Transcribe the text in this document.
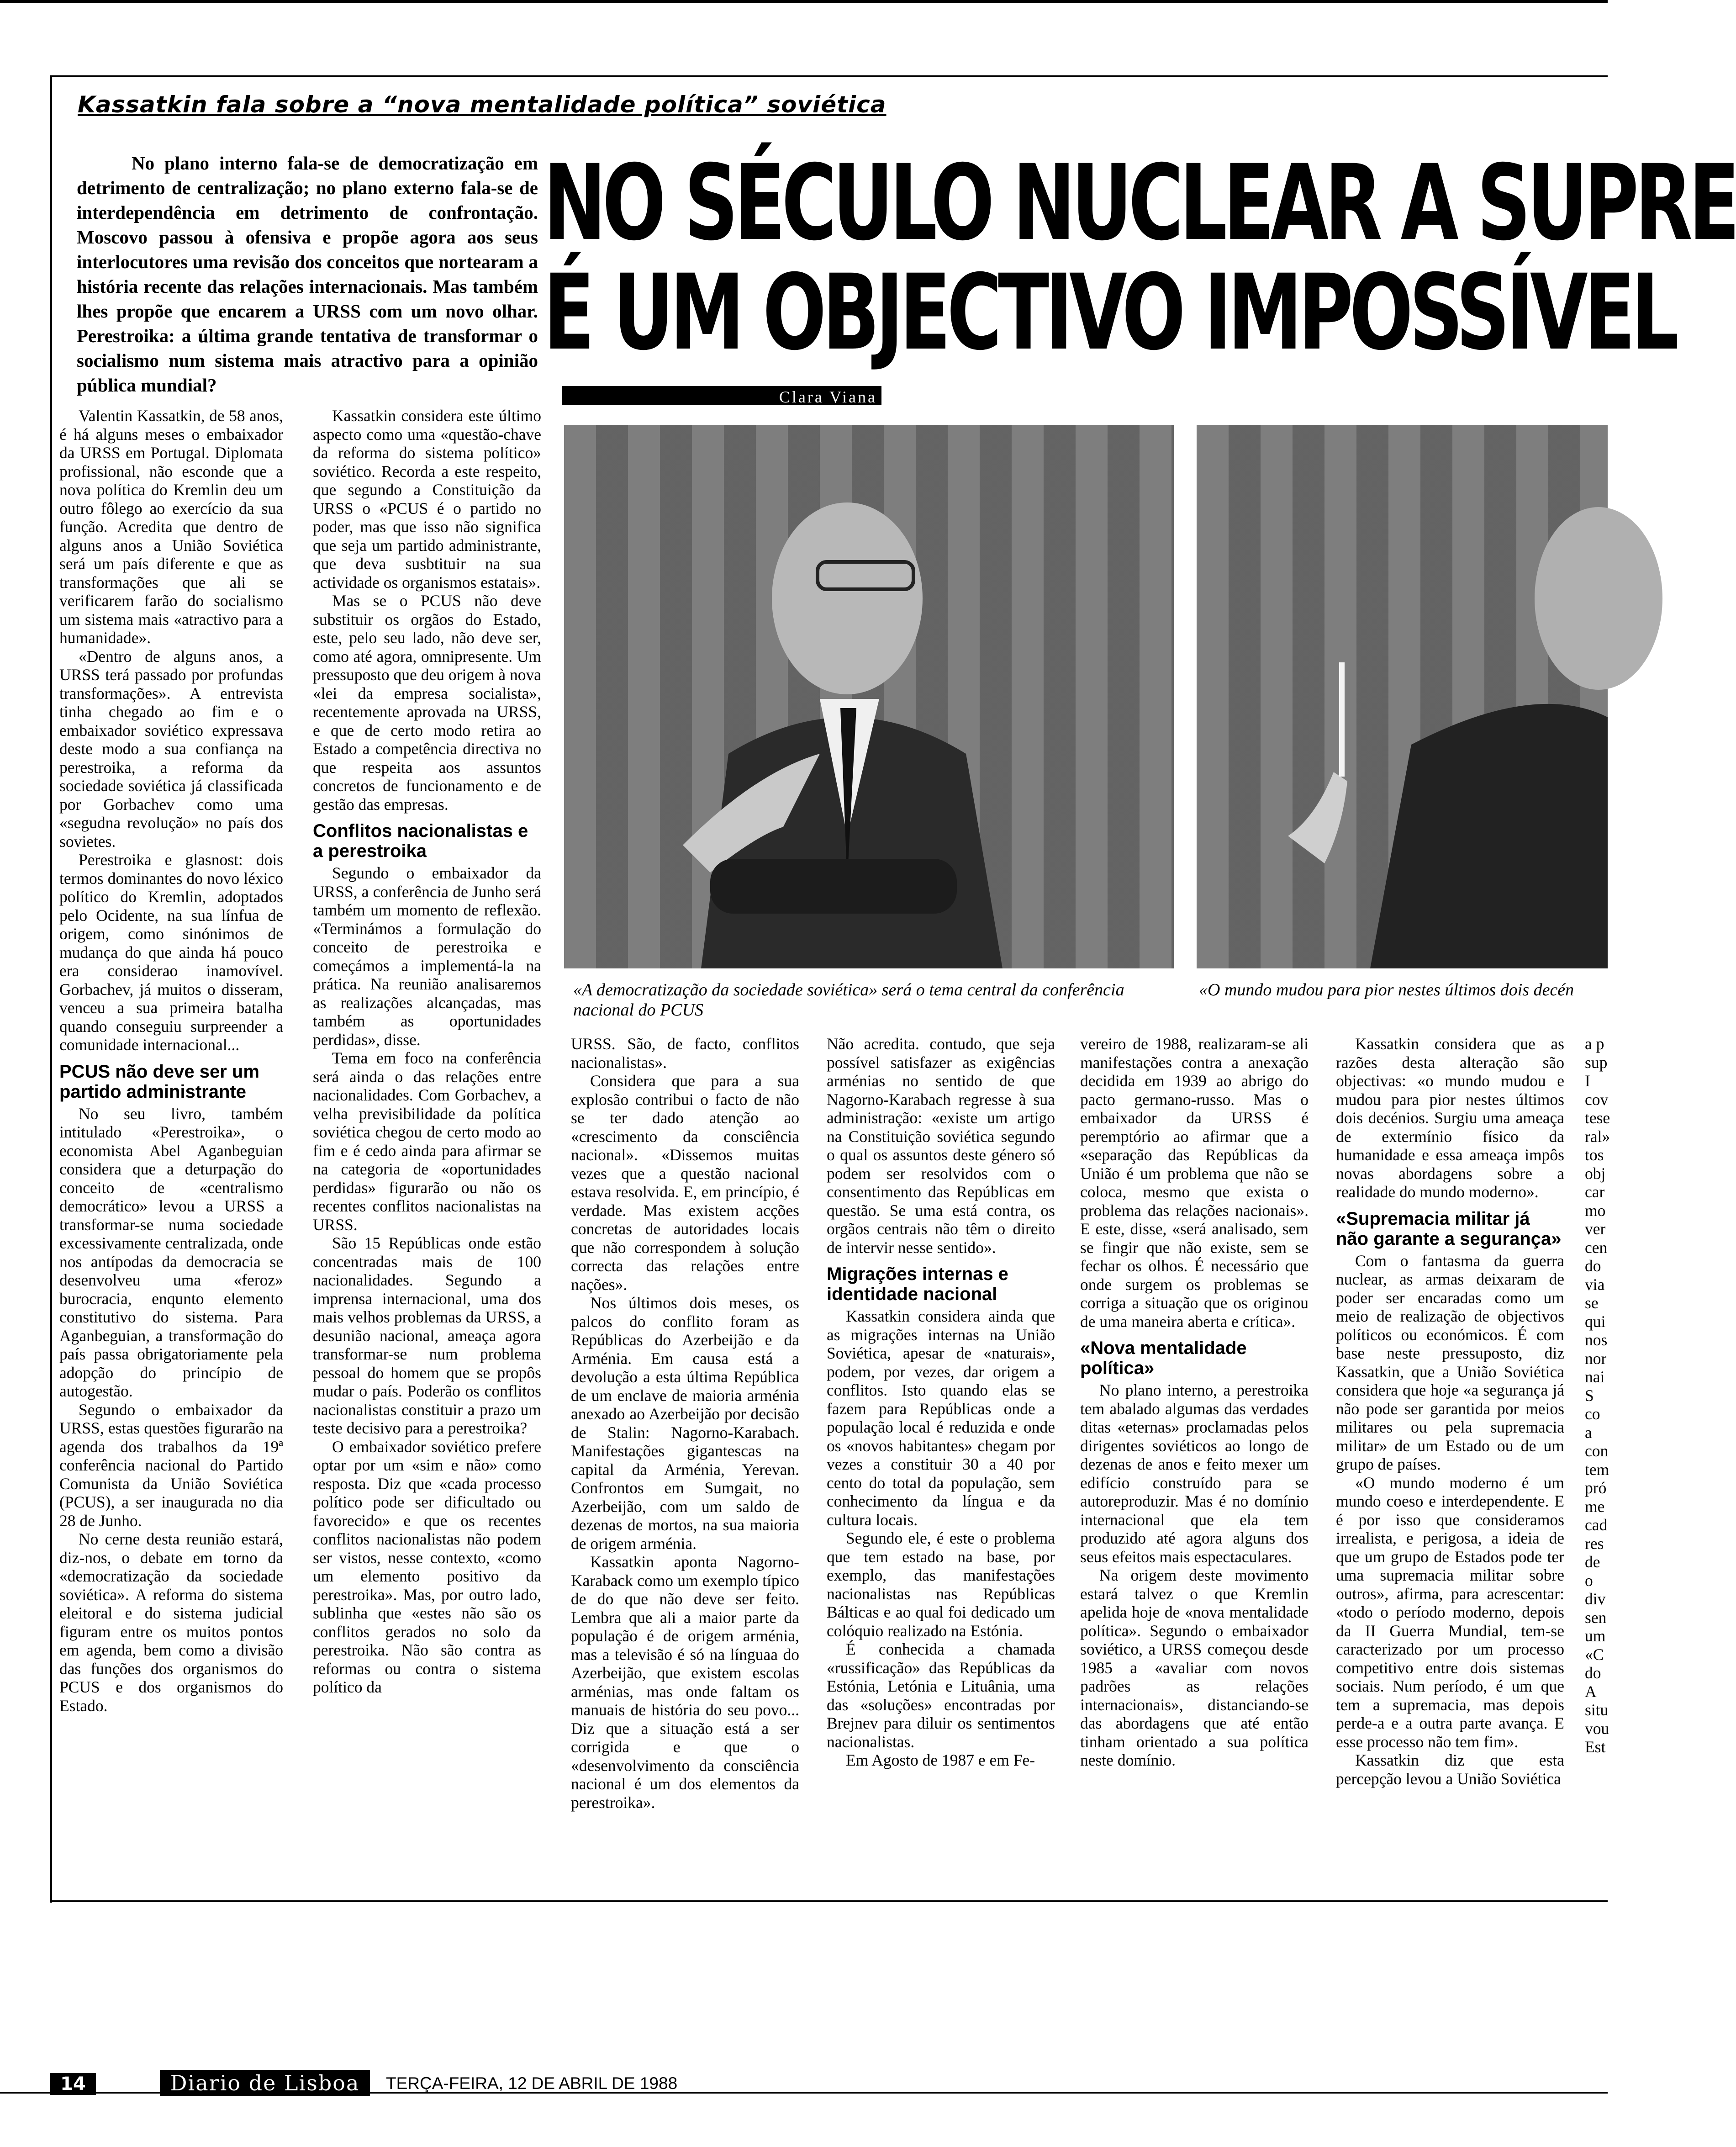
Kassatkin fala sobre a “nova mentalidade política” soviética

No plano interno fala-se de democratização em detrimento de centralização; no plano externo fala-se de interdependência em detrimento de confrontação. Moscovo passou à ofensiva e propõe agora aos seus interlocutores uma revisão dos conceitos que nortearam a história recente das relações internacionais. Mas também lhes propõe que encarem a URSS com um novo olhar. Perestroika: a última grande tentativa de transformar o socialismo num sistema mais atractivo para a opinião pública mundial?

NO SÉCULO NUCLEAR A SUPRE
É UM OBJECTIVO IMPOSSÍVEL
Clara Viana
«A democratização da sociedade soviética» será o tema central da conferência nacional do PCUS
«O mundo mudou para pior nestes últimos dois decén

Valentin Kassatkin, de 58 anos, é há alguns meses o embaixador da URSS em Portugal. Diplomata profissional, não esconde que a nova política do Kremlin deu um outro fôlego ao exercício da sua função. Acredita que dentro de alguns anos a União Soviética será um país diferente e que as transformações que ali se verificarem farão do socialismo um sistema mais «atractivo para a humanidade».

«Dentro de alguns anos, a URSS terá passado por profundas transformações». A entrevista tinha chegado ao fim e o embaixador soviético expressava deste modo a sua confiança na perestroika, a reforma da sociedade soviética já classificada por Gorbachev como uma «segudna revolução» no país dos sovietes.

Perestroika e glasnost: dois termos dominantes do novo léxico político do Kremlin, adoptados pelo Ocidente, na sua línfua de origem, como sinónimos de mudança do que ainda há pouco era considerao inamovível. Gorbachev, já muitos o disseram, venceu a sua primeira batalha quando conseguiu surpreender a comunidade internacional...

PCUS não deve ser um partido administrante

No seu livro, também intitulado «Perestroika», o economista Abel Aganbeguian considera que a deturpação do conceito de «centralismo democrático» levou a URSS a transformar-se numa sociedade excessivamente centralizada, onde nos antípodas da democracia se desenvolveu uma «feroz» burocracia, enqunto elemento constitutivo do sistema. Para Aganbeguian, a transformação do país passa obrigatoriamente pela adopção do princípio de autogestão.

Segundo o embaixador da URSS, estas questões figurarão na agenda dos trabalhos da 19ª conferência nacional do Partido Comunista da União Soviética (PCUS), a ser inaugurada no dia 28 de Junho.

No cerne desta reunião estará, diz-nos, o debate em torno da «democratização da sociedade soviética». A reforma do sistema eleitoral e do sistema judicial figuram entre os muitos pontos em agenda, bem como a divisão das funções dos organismos do PCUS e dos organismos do Estado.

Kassatkin considera este último aspecto como uma «questão-chave da reforma do sistema político» soviético. Recorda a este respeito, que segundo a Constituição da URSS o «PCUS é o partido no poder, mas que isso não significa que seja um partido administrante, que deva susbtituir na sua actividade os organismos estatais».

Mas se o PCUS não deve substituir os orgãos do Estado, este, pelo seu lado, não deve ser, como até agora, omnipresente. Um pressuposto que deu origem à nova «lei da empresa socialista», recentemente aprovada na URSS, e que de certo modo retira ao Estado a competência directiva no que respeita aos assuntos concretos de funcionamento e de gestão das empresas.

Conflitos nacionalistas e a perestroika

Segundo o embaixador da URSS, a conferência de Junho será também um momento de reflexão. «Terminámos a formulação do conceito de perestroika e começámos a implementá-la na prática. Na reunião analisaremos as realizações alcançadas, mas também as oportunidades perdidas», disse.

Tema em foco na conferência será ainda o das relações entre nacionalidades. Com Gorbachev, a velha previsibilidade da política soviética chegou de certo modo ao fim e é cedo ainda para afirmar se na categoria de «oportunidades perdidas» figurarão ou não os recentes conflitos nacionalistas na URSS.

São 15 Repúblicas onde estão concentradas mais de 100 nacionalidades. Segundo a imprensa internacional, uma dos mais velhos problemas da URSS, a desunião nacional, ameaça agora transformar-se num problema pessoal do homem que se propôs mudar o país. Poderão os conflitos nacionalistas constituir a prazo um teste decisivo para a perestroika?

O embaixador soviético prefere optar por um «sim e não» como resposta. Diz que «cada processo político pode ser dificultado ou favorecido» e que os recentes conflitos nacionalistas não podem ser vistos, nesse contexto, «como um elemento positivo da perestroika». Mas, por outro lado, sublinha que «estes não são os conflitos gerados no solo da perestroika. Não são contra as reformas ou contra o sistema político da

URSS. São, de facto, conflitos nacionalistas».

Considera que para a sua explosão contribui o facto de não se ter dado atenção ao «crescimento da consciência nacional». «Dissemos muitas vezes que a questão nacional estava resolvida. E, em princípio, é verdade. Mas existem acções concretas de autoridades locais que não correspondem à solução correcta das relações entre nações».

Nos últimos dois meses, os palcos do conflito foram as Repúblicas do Azerbeijão e da Arménia. Em causa está a devolução a esta última República de um enclave de maioria arménia anexado ao Azerbeijão por decisão de Stalin: Nagorno-Karabach. Manifestações gigantescas na capital da Arménia, Yerevan. Confrontos em Sumgait, no Azerbeijão, com um saldo de dezenas de mortos, na sua maioria de origem arménia.

Kassatkin aponta Nagorno-Karaback como um exemplo típico de do que não deve ser feito. Lembra que ali a maior parte da população é de origem arménia, mas a televisão é só na línguaa do Azerbeijão, que existem escolas arménias, mas onde faltam os manuais de história do seu povo... Diz que a situação está a ser corrigida e que o «desenvolvimento da consciência nacional é um dos elementos da perestroika».

Não acredita. contudo, que seja possível satisfazer as exigências arménias no sentido de que Nagorno-Karabach regresse à sua administração: «existe um artigo na Constituição soviética segundo o qual os assuntos deste género só podem ser resolvidos com o consentimento das Repúblicas em questão. Se uma está contra, os orgãos centrais não têm o direito de intervir nesse sentido».

Migrações internas e identidade nacional

Kassatkin considera ainda que as migrações internas na União Soviética, apesar de «naturais», podem, por vezes, dar origem a conflitos. Isto quando elas se fazem para Repúblicas onde a população local é reduzida e onde os «novos habitantes» chegam por vezes a constituir 30 a 40 por cento do total da população, sem conhecimento da língua e da cultura locais.

Segundo ele, é este o problema que tem estado na base, por exemplo, das manifestações nacionalistas nas Repúblicas Bálticas e ao qual foi dedicado um colóquio realizado na Estónia.

É conhecida a chamada «russificação» das Repúblicas da Estónia, Letónia e Lituânia, uma das «soluções» encontradas por Brejnev para diluir os sentimentos nacionalistas.

Em Agosto de 1987 e em Fe-

vereiro de 1988, realizaram-se ali manifestações contra a anexação decidida em 1939 ao abrigo do pacto germano-russo. Mas o embaixador da URSS é peremptório ao afirmar que a «separação das Repúblicas da União é um problema que não se coloca, mesmo que exista o problema das relações nacionais». E este, disse, «será analisado, sem se fingir que não existe, sem se fechar os olhos. É necessário que onde surgem os problemas se corriga a situação que os originou de uma maneira aberta e crítica».

«Nova mentalidade política»

No plano interno, a perestroika tem abalado algumas das verdades ditas «eternas» proclamadas pelos dirigentes soviéticos ao longo de dezenas de anos e feito mexer um edifício construído para se autoreproduzir. Mas é no domínio internacional que ela tem produzido até agora alguns dos seus efeitos mais espectaculares.

Na origem deste movimento estará talvez o que Kremlin apelida hoje de «nova mentalidade política». Segundo o embaixador soviético, a URSS começou desde 1985 a «avaliar com novos padrões as relações internacionais», distanciando-se das abordagens que até então tinham orientado a sua política neste domínio.

Kassatkin considera que as razões desta alteração são objectivas: «o mundo mudou e mudou para pior nestes últimos dois decénios. Surgiu uma ameaça de extermínio físico da humanidade e essa ameaça impôs novas abordagens sobre a realidade do mundo moderno».

«Supremacia militar já não garante a segurança»

Com o fantasma da guerra nuclear, as armas deixaram de poder ser encaradas como um meio de realização de objectivos políticos ou económicos. É com base neste pressuposto, diz Kassatkin, que a União Soviética considera que hoje «a segurança já não pode ser garantida por meios militares ou pela supremacia militar» de um Estado ou de um grupo de países.

«O mundo moderno é um mundo coeso e interdependente. E é por isso que consideramos irrealista, e perigosa, a ideia de que um grupo de Estados pode ter uma supremacia militar sobre outros», afirma, para acrescentar: «todo o período moderno, depois da II Guerra Mundial, tem-se caracterizado por um processo competitivo entre dois sistemas sociais. Num período, é um que tem a supremacia, mas depois perde-a e a outra parte avança. E esse processo não tem fim».

Kassatkin diz que esta percepção levou a União Soviética

a p
sup
I
cov
tese
ral»
tos
obj
car
mo
ver
cen
do
via
se
qui
nos
nor
nai
S
co
a
con
tem
pró
me
cad
res
de
o
div
sen
um
«C
do
A
situ
vou
Est
14	Diario de Lisboa	TERÇA-FEIRA, 12 DE ABRIL DE 1988
